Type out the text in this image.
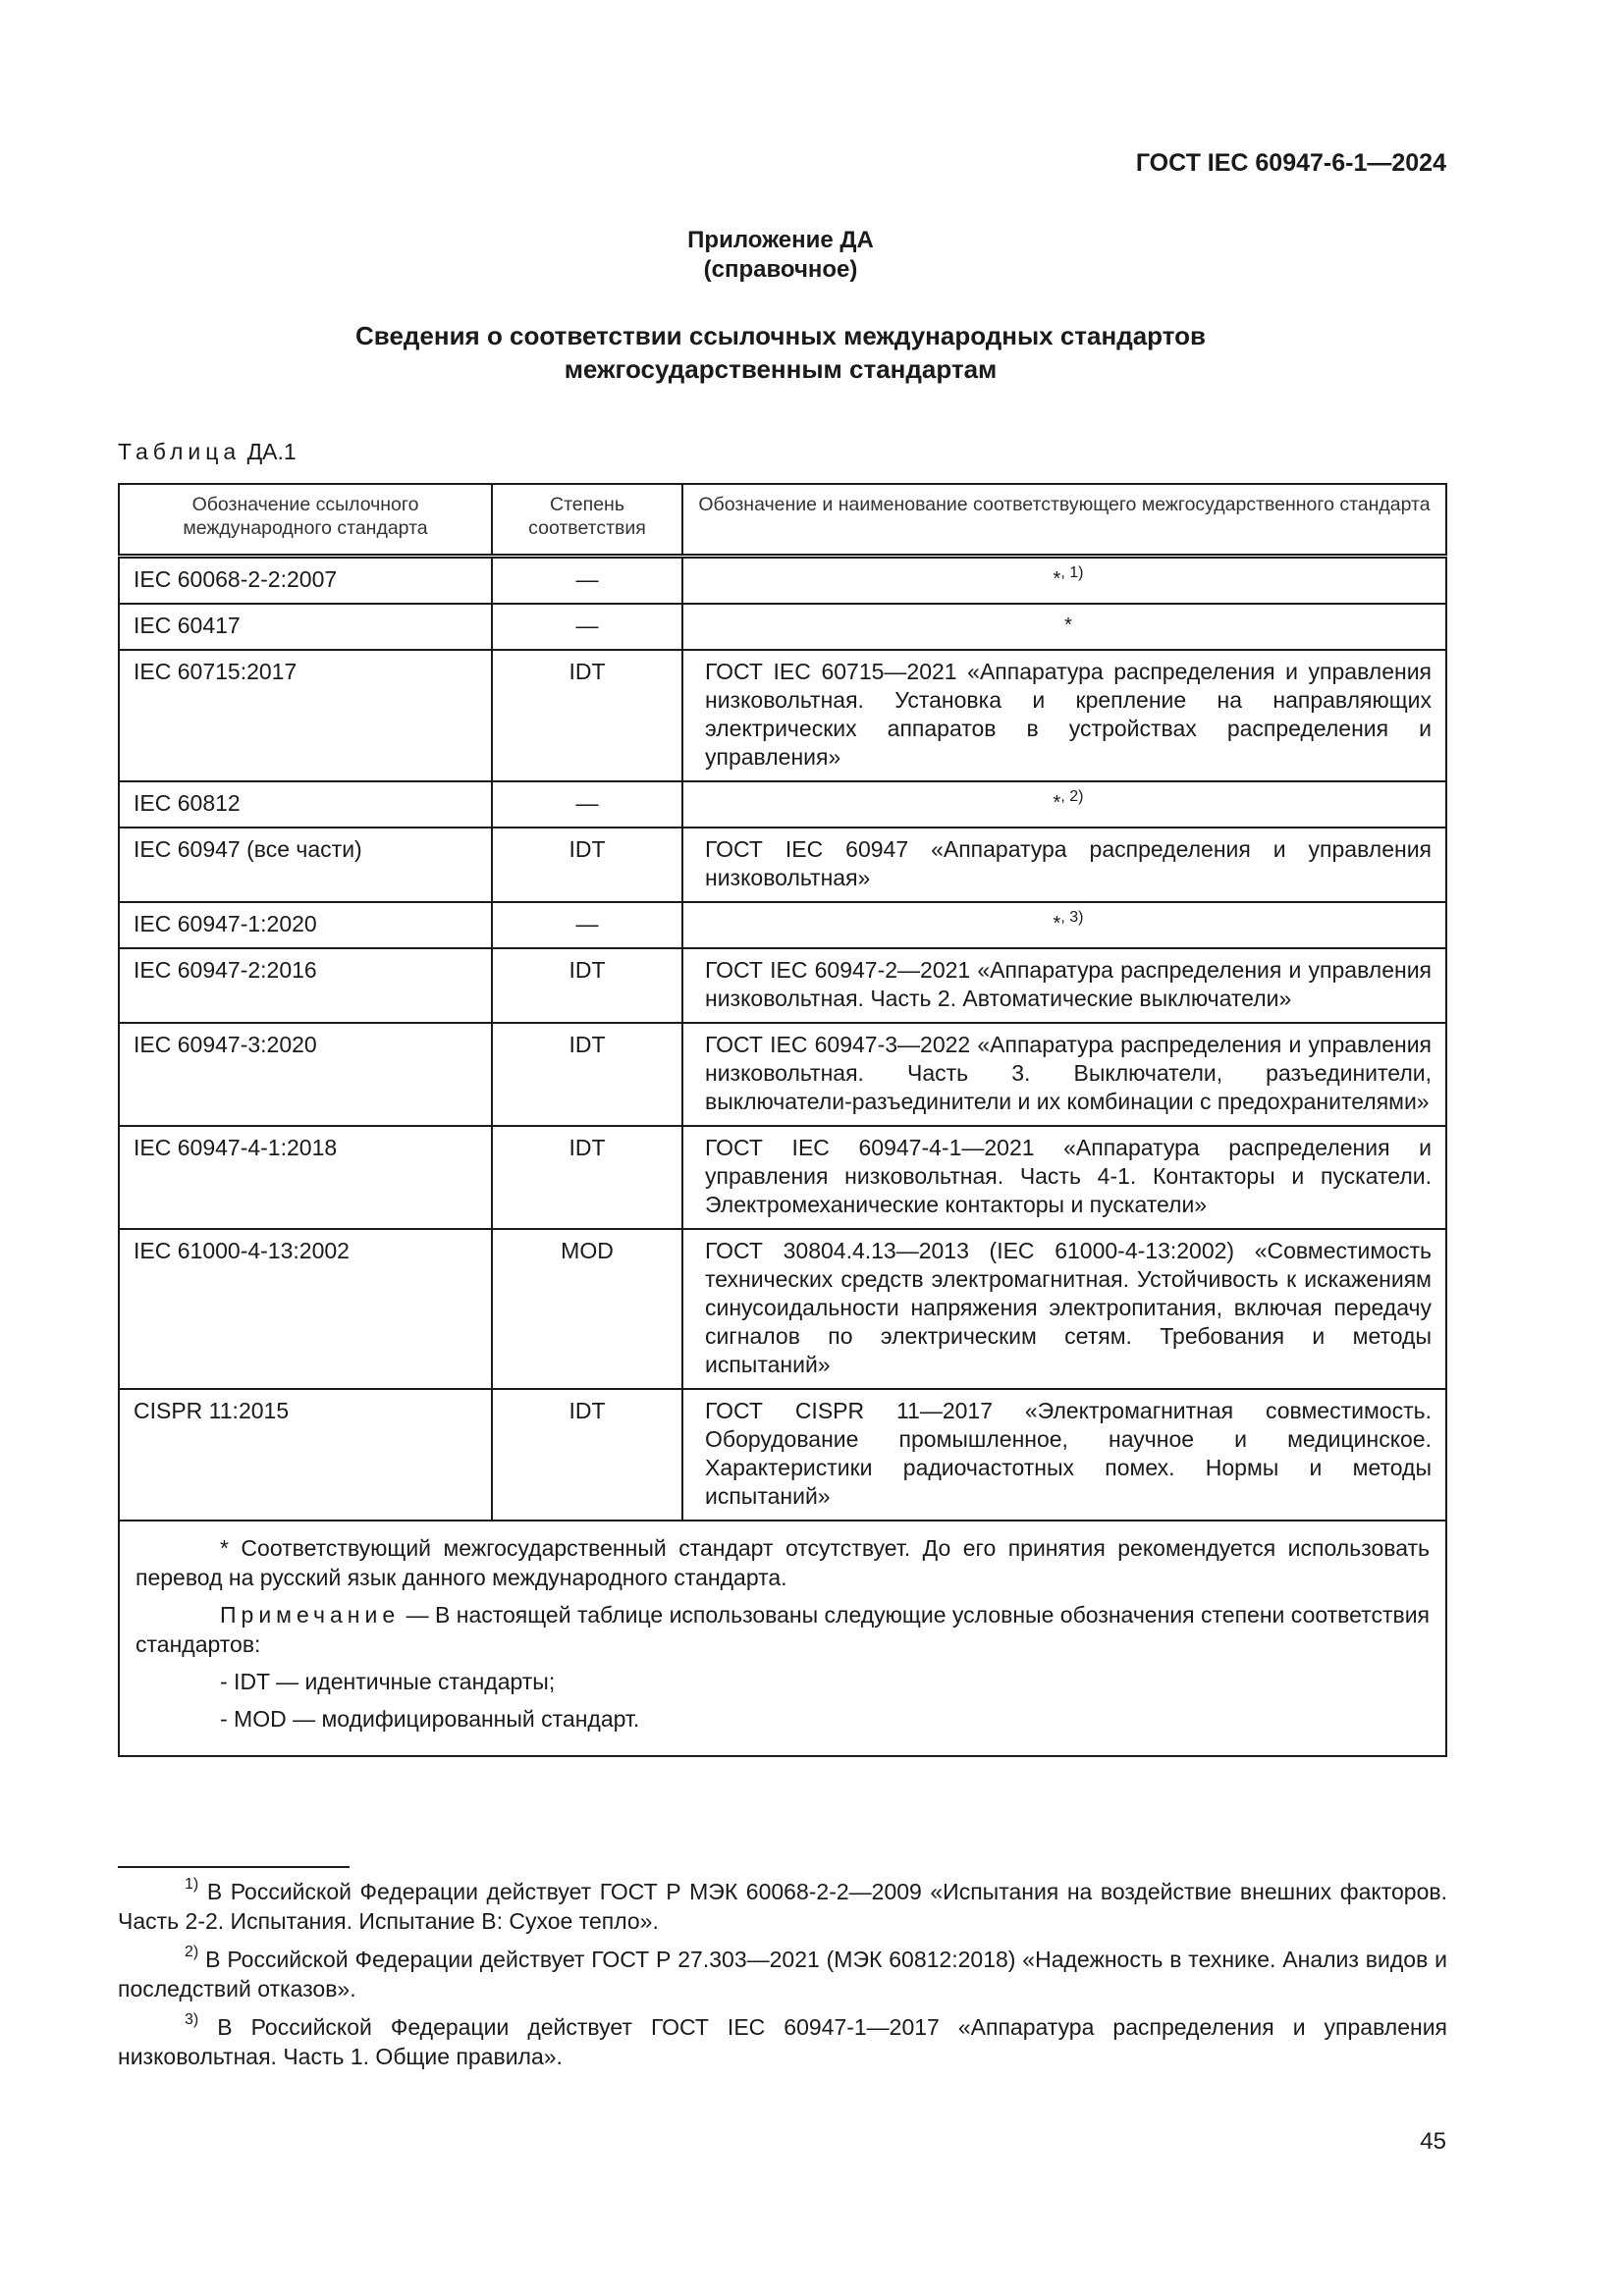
ГОСТ IEC 60947-6-1—2024
Приложение ДА
(справочное)
Сведения о соответствии ссылочных международных стандартов
межгосударственным стандартам
Таблица ДА.1
Обозначение ссылочного международного стандарта	Степень соответствия	Обозначение и наименование соответствующего межгосударственного стандарта
IEC 60068-2-2:2007	—	*$^{, 1)}$
IEC 60417	—	*
IEC 60715:2017	IDT	ГОСТ IEC 60715—2021 «Аппаратура распределения и управления низковольтная. Установка и крепление на направляющих электрических аппаратов в устройствах распределения и управления»
IEC 60812	—	*$^{, 2)}$
IEC 60947 (все части)	IDT	ГОСТ IEC 60947 «Аппаратура распределения и управления низковольтная»
IEC 60947-1:2020	—	*$^{, 3)}$
IEC 60947-2:2016	IDT	ГОСТ IEC 60947-2—2021 «Аппаратура распределения и управления низковольтная. Часть 2. Автоматические выключатели»
IEC 60947-3:2020	IDT	ГОСТ IEC 60947-3—2022 «Аппаратура распределения и управления низковольтная. Часть 3. Выключатели, разъединители, выключатели-разъединители и их комбинации с предохранителями»
IEC 60947-4-1:2018	IDT	ГОСТ IEC 60947-4-1—2021 «Аппаратура распределения и управления низковольтная. Часть 4-1. Контакторы и пускатели. Электромеханические контакторы и пускатели»
IEC 61000-4-13:2002	MOD	ГОСТ 30804.4.13—2013 (IEC 61000-4-13:2002) «Совместимость технических средств электромагнитная. Устойчивость к искажениям синусоидальности напряжения электропитания, включая передачу сигналов по электрическим сетям. Требования и методы испытаний»
CISPR 11:2015	IDT	ГОСТ CISPR 11—2017 «Электромагнитная совместимость. Оборудование промышленное, научное и медицинское. Характеристики радиочастотных помех. Нормы и методы испытаний»

* Соответствующий межгосударственный стандарт отсутствует. До его принятия рекомендуется использовать перевод на русский язык данного международного стандарта.

Примечание — В настоящей таблице использованы следующие условные обозначения степени соответствия стандартов:

- IDT — идентичные стандарты;
- MOD — модифицированный стандарт.		

$^{1)}$ В Российской Федерации действует ГОСТ Р МЭК 60068-2-2—2009 «Испытания на воздействие внешних факторов. Часть 2-2. Испытания. Испытание B: Сухое тепло».

$^{2)}$ В Российской Федерации действует ГОСТ Р 27.303—2021 (МЭК 60812:2018) «Надежность в технике. Анализ видов и последствий отказов».

$^{3)}$ В Российской Федерации действует ГОСТ IEC 60947-1—2017 «Аппаратура распределения и управления низковольтная. Часть 1. Общие правила».

45
